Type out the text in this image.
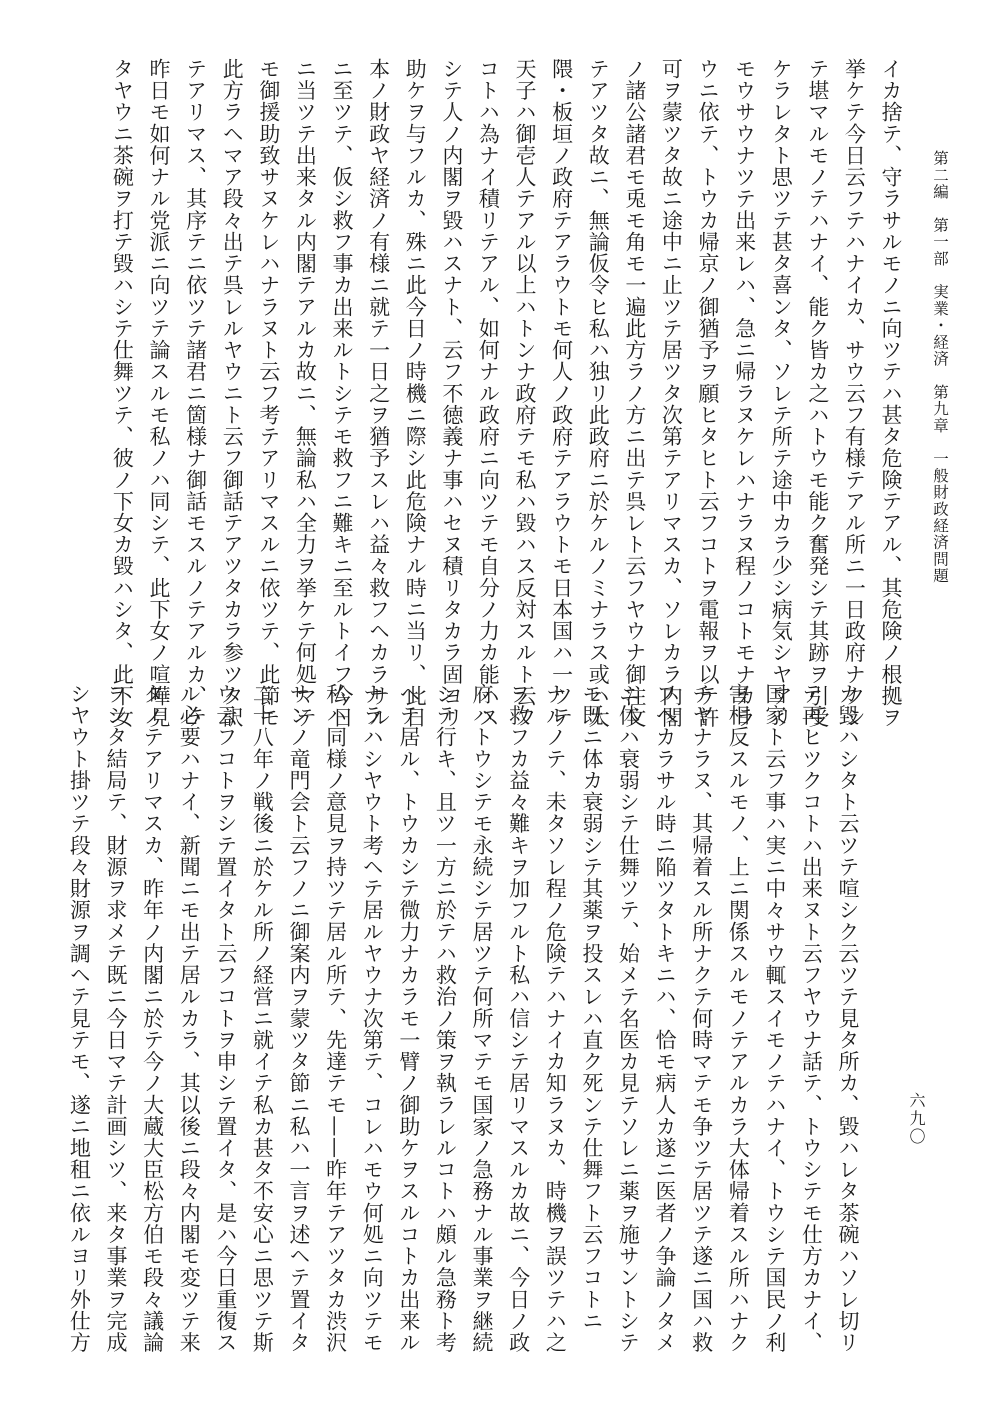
第二編　第一部　実業・経済　第九章　一般財政経済問題
六九〇
イカ捨テ、守ラサルモノニ向ツテハ甚タ危険テアル、其危険ノ根拠ヲ
挙ケテ今日云フテハナイカ、サウ云フ有様テアル所ニ一日政府ナクシ
テ堪マルモノテハナイ、能ク皆カ之ハトウモ能ク奮発シテ其跡ヲ引受
ケラレタト思ツテ甚タ喜ンタ、ソレテ所テ途中カラ少シ病気シヤアリ
モウサウナツテ出来レハ、急ニ帰ラヌケレハナラヌ程ノコトモナカラ
ウニ依テ、トウカ帰京ノ御猶予ヲ願ヒタヒト云フコトヲ電報ヲ以テ許
可ヲ蒙ツタ故ニ途中ニ止ツテ居ツタ次第テアリマスカ、ソレカラ内閣
ノ諸公諸君モ兎モ角モ一遍此方ラノ方ニ出テ呉レト云フヤウナ御注文
テアツタ故ニ、無論仮令ヒ私ハ独リ此政府ニ於ケルノミナラス或ハ大
隈・板垣ノ政府テアラウトモ何人ノ政府テアラウトモ日本国ハ一ツテ
天子ハ御壱人テアル以上ハトンナ政府テモ私ハ毀ハス反対スルト云フ
コトハ為ナイ積リテアル、如何ナル政府ニ向ツテモ自分ノ力カ能ハス
シテ人ノ内閣ヲ毀ハスナト、云フ不徳義ナ事ハセヌ積リタカラ固ヨリ
助ケヲ与フルカ、殊ニ此今日ノ時機ニ際シ此危険ナル時ニ当リ、此日
本ノ財政ヤ経済ノ有様ニ就テ一日之ヲ猶予スレハ益々救フヘカラサル
ニ至ツテ、仮シ救フ事カ出来ルトシテモ救フニ難キニ至ルトイフ今日
ニ当ツテ出来タル内閣テアルカ故ニ、無論私ハ全力ヲ挙ケテ何処マテ
モ御援助致サヌケレハナラヌト云フ考テアリマスルニ依ツテ、此節モ
此方ラヘマア段々出テ呉レルヤウニト云フ御話テアツタカラ参ツタ訳
テアリマス、其序テニ依ツテ諸君ニ箇様ナ御話モスルノテアルカ、テ
昨日モ如何ナル党派ニ向ツテ論スルモ私ノハ同シテ、此下女ノ喧嘩見
タヤウニ茶碗ヲ打テ毀ハシテ仕舞ツテ、彼ノ下女カ毀ハシタ、此下女
カ毀ハシタト云ツテ喧シク云ツテ見タ所カ、毀ハレタ茶碗ハソレ切リ
テ再ヒツクコトハ出来ヌト云フヤウナ話テ、トウシテモ仕方カナイ、
国家ト云フ事ハ実ニ中々サウ輒スイモノテハナイ、トウシテ国民ノ利
害相反スルモノ、上ニ関係スルモノテアルカラ大体帰着スル所ハナク
チヤナラヌ、其帰着スル所ナクテ何時マテモ争ツテ居ツテ遂ニ国ハ救
フヘカラサル時ニ陥ツタトキニハ、恰モ病人カ遂ニ医者ノ争論ノタメ
ニ体ハ衰弱シテ仕舞ツテ、始メテ名医カ見テソレニ薬ヲ施サントシテ
モ既ニ体カ衰弱シテ其薬ヲ投スレハ直ク死ンテ仕舞フト云フコトニ
ナルノテ、未タソレ程ノ危険テハナイカ知ラヌカ、時機ヲ誤ツテハ之
ヲ救フカ益々難キヲ加フルト私ハ信シテ居リマスルカ故ニ、今日ノ政
府ハトウシテモ永続シテ居ツテ何所マテモ国家ノ急務ナル事業ヲ継続
シテ行キ、且ツ一方ニ於テハ救治ノ策ヲ執ラレルコトハ頗ル急務ト考
ヘテ居ル、トウカシテ微力ナカラモ一臂ノ御助ケヲスルコトカ出来ル
ナラハシヤウト考ヘテ居ルヤウナ次第テ、コレハモウ何処ニ向ツテモ
私ハ同様ノ意見ヲ持ツテ居ル所テ、先達テモ——昨年テアツタカ渋沢
サンノ竜門会ト云フノニ御案内ヲ蒙ツタ節ニ私ハ一言ヲ述ヘテ置イタ
二十八年ノ戦後ニ於ケル所ノ経営ニ就イテ私カ甚タ不安心ニ思ツテ斯
ウ云フコトヲシテ置イタト云フコトヲ申シテ置イタ、是ハ今日重復ス
ル必要ハナイ、新聞ニモ出テ居ルカラ、其以後ニ段々内閣モ変ツテ来
タノテアリマスカ、昨年ノ内閣ニ於テ今ノ大蔵大臣松方伯モ段々議論
ヲシタ結局テ、財源ヲ求メテ既ニ今日マテ計画シツ、来タ事業ヲ完成
シヤウト掛ツテ段々財源ヲ調ヘテ見テモ、遂ニ地租ニ依ルヨリ外仕方
